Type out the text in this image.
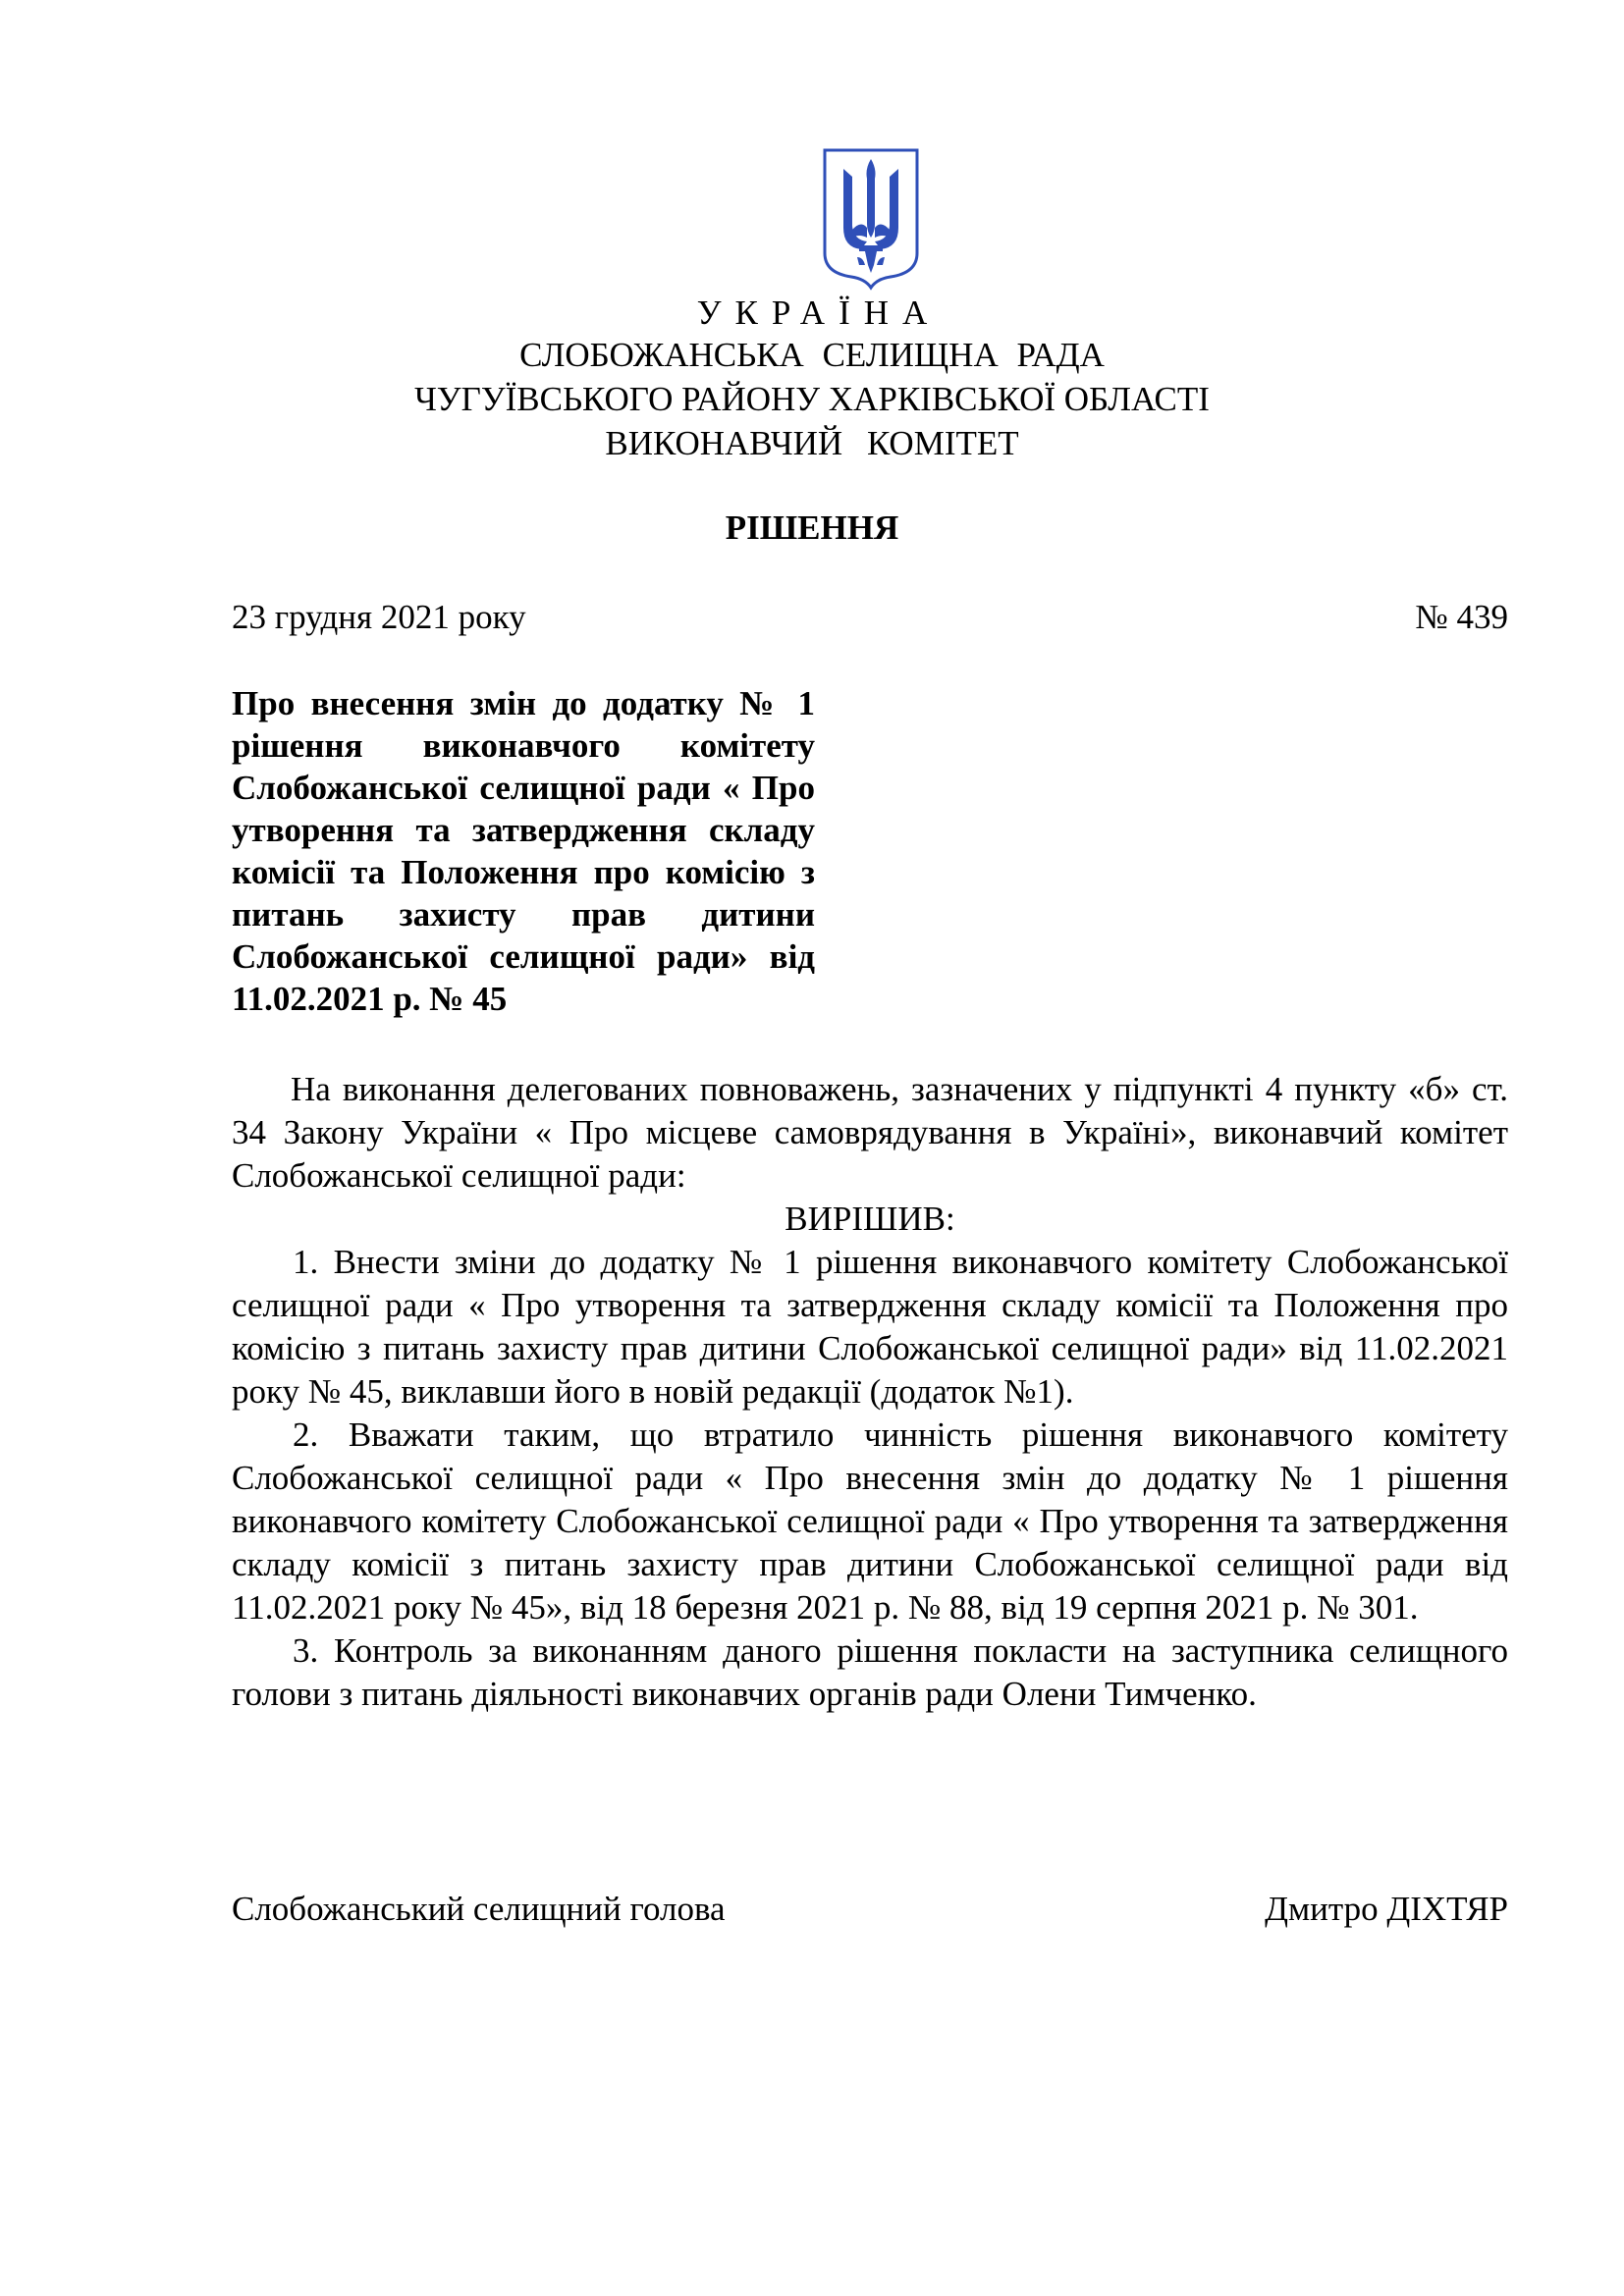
УКРАЇНА
СЛОБОЖАНСЬКА СЕЛИЩНА РАДА
ЧУГУЇВСЬКОГО РАЙОНУ ХАРКІВСЬКОЇ ОБЛАСТІ
ВИКОНАВЧИЙ КОМІТЕТ
РІШЕННЯ
23 грудня 2021 року	№ 439
Про внесення змін до додатку № 1 рішення виконавчого комітету Слобожанської селищної ради « Про утворення та затвердження складу комісії та Положення про комісію з питань захисту прав дитини Слобожанської селищної ради» від 11.02.2021 р. № 45

На виконання делегованих повноважень, зазначених у підпункті 4 пункту «б» ст. 34 Закону України « Про місцеве самоврядування в Україні», виконавчий комітет Слобожанської селищної ради:

ВИРІШИВ:

1. Внести зміни до додатку № 1 рішення виконавчого комітету Слобожанської селищної ради « Про утворення та затвердження складу комісії та Положення про комісію з питань захисту прав дитини Слобожанської селищної ради» від 11.02.2021 року № 45, виклавши його в новій редакції (додаток №1).

2. Вважати таким, що втратило чинність рішення виконавчого комітету Слобожанської селищної ради « Про внесення змін до додатку № 1 рішення виконавчого комітету Слобожанської селищної ради « Про утворення та затвердження складу комісії з питань захисту прав дитини Слобожанської селищної ради від 11.02.2021 року № 45», від 18 березня 2021 р. № 88, від 19 серпня 2021 р. № 301.

3. Контроль за виконанням даного рішення покласти на заступника селищного голови з питань діяльності виконавчих органів ради Олени Тимченко.

Слобожанський селищний голова	Дмитро ДІХТЯР
